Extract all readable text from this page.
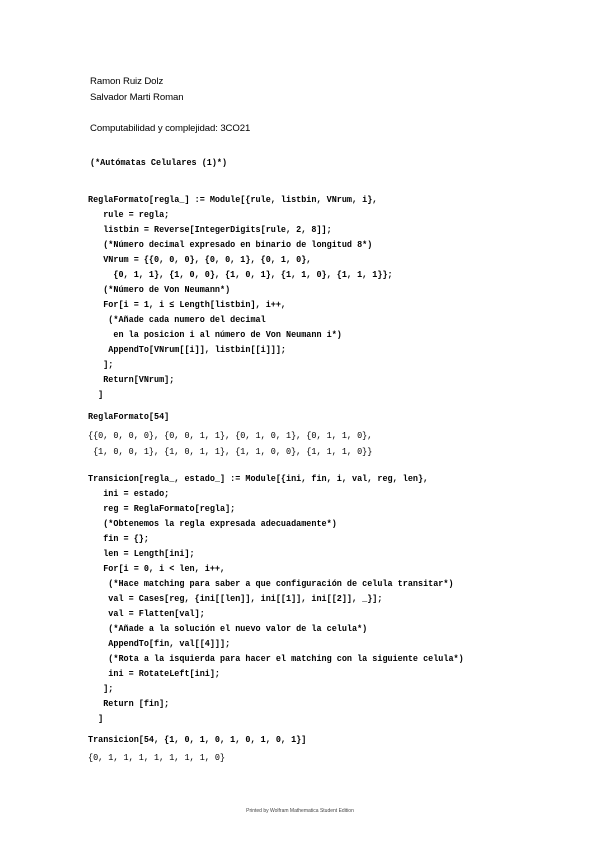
Ramon Ruiz Dolz
Salvador Marti Roman
Computabilidad y complejidad: 3CO21
(*Autómatas Celulares (1)*)
ReglaFormato[regla_] := Module[{rule, listbin, VNrum, i},
rule = regla;
listbin = Reverse[IntegerDigits[rule, 2, 8]];
(*Número decimal expresado en binario de longitud 8*)
VNrum = {{0, 0, 0}, {0, 0, 1}, {0, 1, 0},
{0, 1, 1}, {1, 0, 0}, {1, 0, 1}, {1, 1, 0}, {1, 1, 1}};
(*Número de Von Neumann*)
For[i = 1, i ≤ Length[listbin], i++,
(*Añade cada numero del decimal
en la posicion i al número de Von Neumann i*)
AppendTo[VNrum[[i]], listbin[[i]]];
];
Return[VNrum];
]
ReglaFormato[54]
{{0, 0, 0, 0}, {0, 0, 1, 1}, {0, 1, 0, 1}, {0, 1, 1, 0},
{1, 0, 0, 1}, {1, 0, 1, 1}, {1, 1, 0, 0}, {1, 1, 1, 0}}
Transicion[regla_, estado_] := Module[{ini, fin, i, val, reg, len},
ini = estado;
reg = ReglaFormato[regla];
(*Obtenemos la regla expresada adecuadamente*)
fin = {};
len = Length[ini];
For[i = 0, i < len, i++,
(*Hace matching para saber a que configuración de celula transitar*)
val = Cases[reg, {ini[[len]], ini[[1]], ini[[2]], _}];
val = Flatten[val];
(*Añade a la solución el nuevo valor de la celula*)
AppendTo[fin, val[[4]]];
(*Rota a la isquierda para hacer el matching con la siguiente celula*)
ini = RotateLeft[ini];
];
Return [fin];
]
Transicion[54, {1, 0, 1, 0, 1, 0, 1, 0, 1}]
{0, 1, 1, 1, 1, 1, 1, 1, 0}
Printed by Wolfram Mathematica Student Edition
